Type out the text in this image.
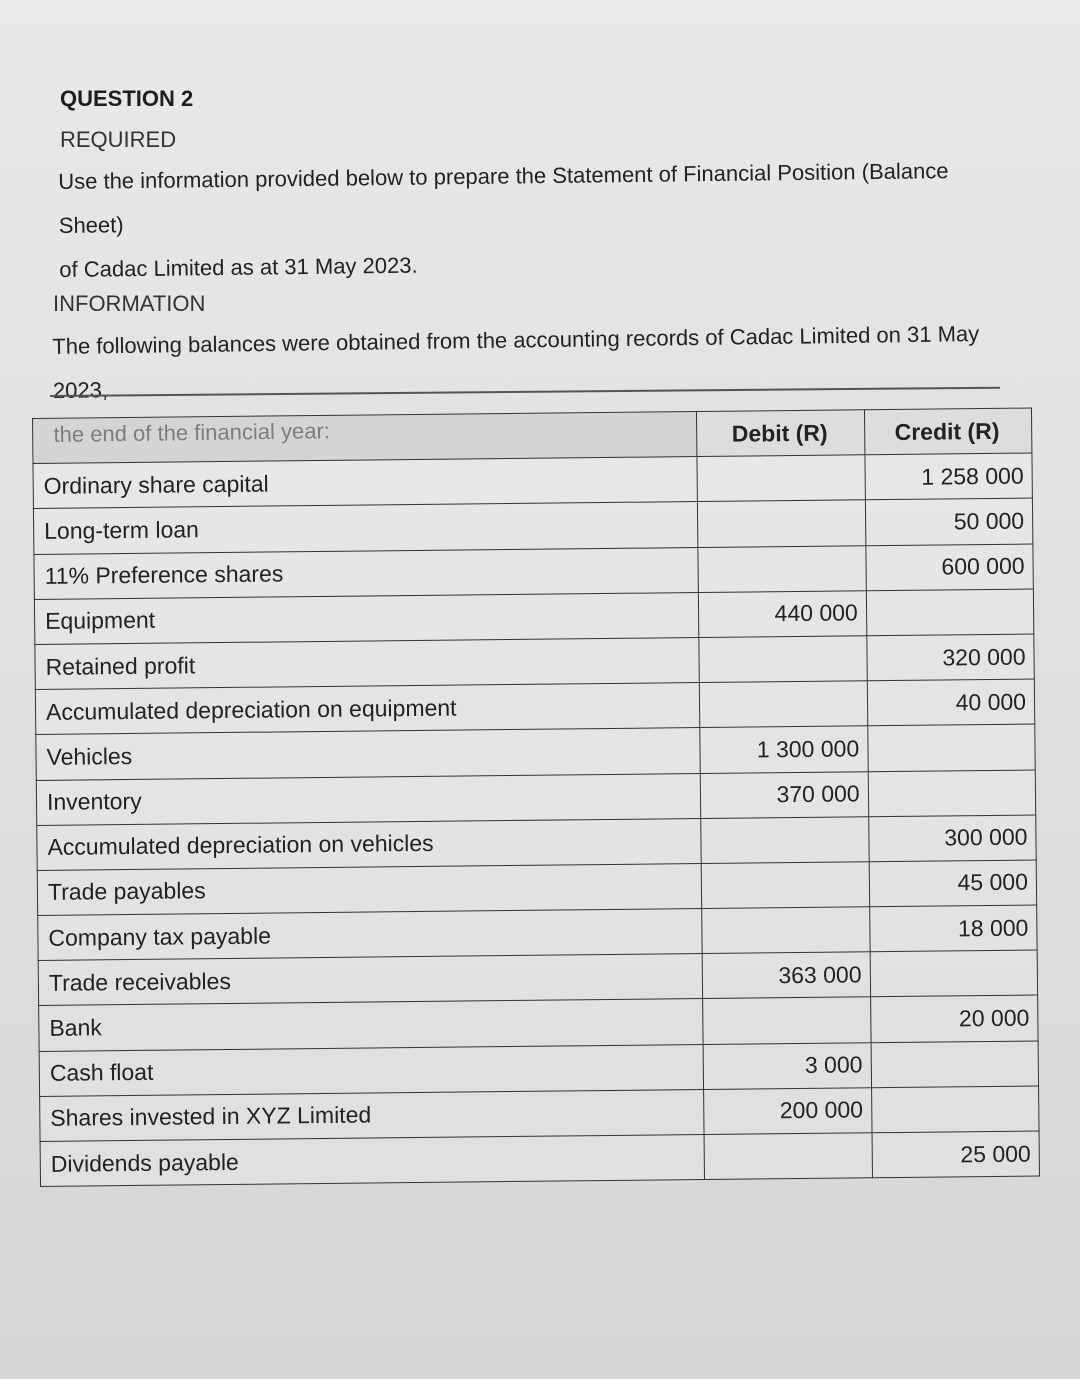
QUESTION 2
REQUIRED
Use the information provided below to prepare the Statement of Financial Position (Balance Sheet)
of Cadac Limited as at 31 May 2023.
INFORMATION
The following balances were obtained from the accounting records of Cadac Limited on 31 May 2023,
	Debit (R)	Credit (R)
Ordinary share capital		1 258 000
Long-term loan		50 000
11% Preference shares		600 000
Equipment	440 000	
Retained profit		320 000
Accumulated depreciation on equipment		40 000
Vehicles	1 300 000	
Inventory	370 000	
Accumulated depreciation on vehicles		300 000
Trade payables		45 000
Company tax payable		18 000
Trade receivables	363 000	
Bank		20 000
Cash float	3 000	
Shares invested in XYZ Limited	200 000	
Dividends payable		25 000
